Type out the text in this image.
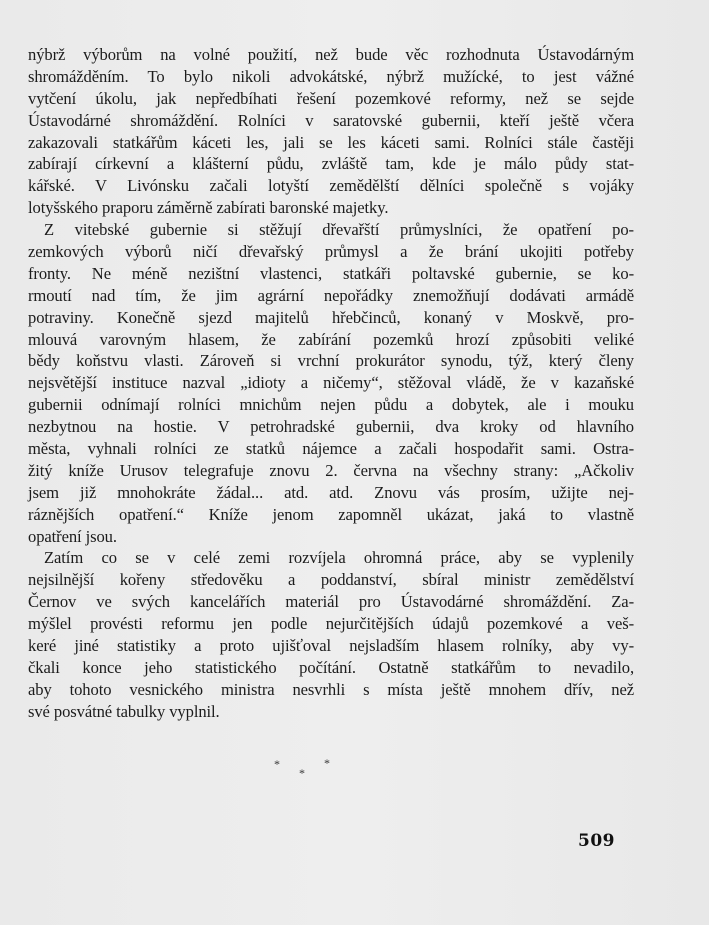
nýbrž výborům na volné použití, než bude věc rozhodnuta Ústavodárným
shromážděním. To bylo nikoli advokátské, nýbrž mužícké, to jest vážné
vytčení úkolu, jak nepředbíhati řešení pozemkové reformy, než se sejde
Ústavodárné shromáždění. Rolníci v saratovské gubernii, kteří ještě včera
zakazovali statkářům káceti les, jali se les káceti sami. Rolníci stále častěji
zabírají církevní a klášterní půdu, zvláště tam, kde je málo půdy stat-
kářské. V Livónsku začali lotyští zemědělští dělníci společně s vojáky
lotyšského praporu záměrně zabírati baronské majetky.
Z vitebské gubernie si stěžují dřevařští průmyslníci, že opatření po-
zemkových výborů ničí dřevařský průmysl a že brání ukojiti potřeby
fronty. Ne méně nezištní vlastenci, statkáři poltavské gubernie, se ko-
rmoutí nad tím, že jim agrární nepořádky znemožňují dodávati armádě
potraviny. Konečně sjezd majitelů hřebčinců, konaný v Moskvě, pro-
mlouvá varovným hlasem, že zabírání pozemků hrozí způsobiti veliké
bědy koňstvu vlasti. Zároveň si vrchní prokurátor synodu, týž, který členy
nejsvětější instituce nazval „idioty a ničemy“, stěžoval vládě, že v kazaňské
gubernii odnímají rolníci mnichům nejen půdu a dobytek, ale i mouku
nezbytnou na hostie. V petrohradské gubernii, dva kroky od hlavního
města, vyhnali rolníci ze statků nájemce a začali hospodařit sami. Ostra-
žitý kníže Urusov telegrafuje znovu 2. června na všechny strany: „Ačkoliv
jsem již mnohokráte žádal... atd. atd. Znovu vás prosím, užijte nej-
ráznějších opatření.“ Kníže jenom zapomněl ukázat, jaká to vlastně
opatření jsou.
Zatím co se v celé zemi rozvíjela ohromná práce, aby se vyplenily
nejsilnější kořeny středověku a poddanství, sbíral ministr zemědělství
Černov ve svých kancelářích materiál pro Ústavodárné shromáždění. Za-
mýšlel provésti reformu jen podle nejurčitějších údajů pozemkové a veš-
keré jiné statistiky a proto ujišťoval nejsladším hlasem rolníky, aby vy-
čkali konce jeho statistického počítání. Ostatně statkářům to nevadilo,
aby tohoto vesnického ministra nesvrhli s místa ještě mnohem dřív, než
své posvátné tabulky vyplnil.
*
*
*
509
